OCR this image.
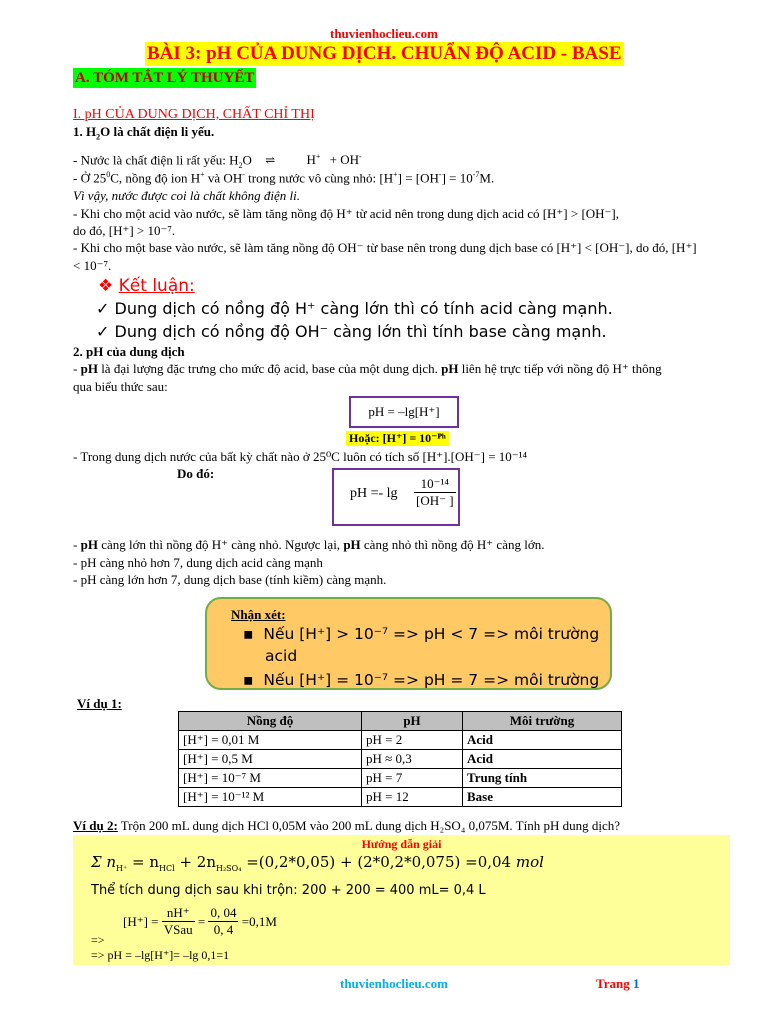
thuvienhoclieu.com
BÀI 3: pH CỦA DUNG DỊCH. CHUẨN ĐỘ ACID - BASE
A. TÓM TẮT LÝ THUYẾT
I. pH CỦA DUNG DỊCH, CHẤT CHỈ THỊ
1. $H_2O$ là chất điện li yếu.
- Nước là chất điện li rất yếu: $H_2O$ ⇌ H+ + OH-
- Ở $25^0C$, nồng độ ion H+ và OH- trong nước vô cùng nhỏ: $[H^+] = [OH^-] = 10^{-7}M$.
Vì vậy, nước được coi là chất không điện li.
- Khi cho một acid vào nước, sẽ làm tăng nồng độ H⁺ từ acid nên trong dung dịch acid có [H⁺] > [OH⁻],
do đó, [H⁺] > 10⁻⁷.
- Khi cho một base vào nước, sẽ làm tăng nồng độ OH⁻ từ base nên trong dung dịch base có [H⁺] < [OH⁻], do đó, [H⁺]
< 10⁻⁷.
❖ Kết luận:
✓ Dung dịch có nồng độ H⁺ càng lớn thì có tính acid càng mạnh.
✓ Dung dịch có nồng độ OH⁻ càng lớn thì tính base càng mạnh.
2. pH của dung dịch
- pH là đại lượng đặc trưng cho mức độ acid, base của một dung dịch. pH liên hệ trực tiếp với nồng độ H⁺ thông
qua biểu thức sau:
pH = –lg[H⁺]
Hoặc: [H⁺] = 10⁻ᴾʰ
- Trong dung dịch nước của bất kỳ chất nào ở 25⁰C luôn có tích số [H⁺].[OH⁻] = 10⁻¹⁴
Do đó:
pH =- $\lg \frac{\text{10⁻¹⁴}}{[OH^- ]}$
- pH càng lớn thì nồng độ H⁺ càng nhỏ. Ngược lại, pH càng nhỏ thì nồng độ H⁺ càng lớn.
- pH càng nhỏ hơn 7, dung dịch acid càng mạnh
- pH càng lớn hơn 7, dung dịch base (tính kiềm) càng mạnh.
Nhận xét:
▪  Nếu [H⁺] > 10⁻⁷ => pH < 7 => môi trường
acid
▪  Nếu [H⁺] = 10⁻⁷ => pH = 7 => môi trường
Ví dụ 1:
Nồng độ	pH	Môi trường
[H⁺] = 0,01 M	pH = 2	Acid
[H⁺] = 0,5 M	pH ≈ 0,3	Acid
[H⁺] = 10⁻⁷ M	pH = 7	Trung tính
[H⁺] = 10⁻¹² M	pH = 12	Base
Ví dụ 2: Trộn 200 mL dung dịch HCl 0,05M vào 200 mL dung dịch H₂SO₄ 0,075M. Tính pH dung dịch?
Hướng dẫn giải
Σ $n_{H^+} = n_{HCl} + 2n_{H_2SO_4} =(0,2*0,05) + (2*0,2*0,075) =0,04$ mol
Thể tích dung dịch sau khi trộn: 200 + 200 = 400 mL= 0,4 L
$[H^+] = \frac{nH^+}{\text{VSau}} = \frac{0, 04}{0, 4} =0,1M$
=>
=> pH = –lg[H⁺]= –lg 0,1=1
thuvienhoclieu.com	Trang 1
